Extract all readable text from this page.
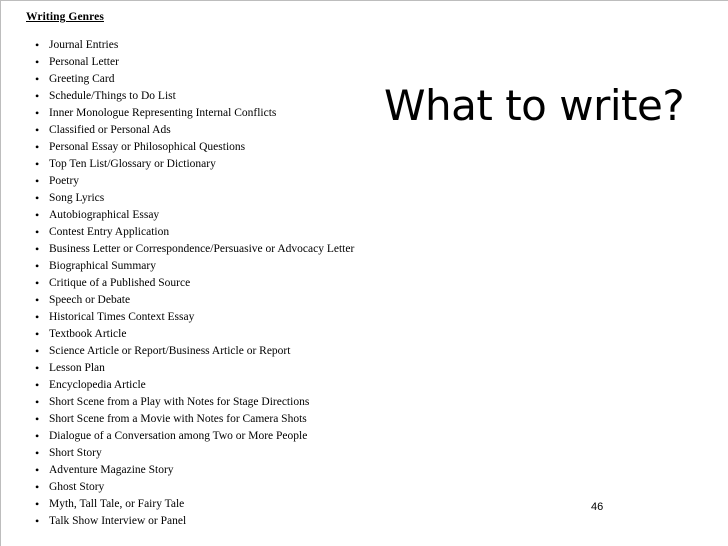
Writing Genres
• Journal Entries
• Personal Letter
• Greeting Card
• Schedule/Things to Do List
• Inner Monologue Representing Internal Conflicts
• Classified or Personal Ads
• Personal Essay or Philosophical Questions
• Top Ten List/Glossary or Dictionary
• Poetry
• Song Lyrics
• Autobiographical Essay
• Contest Entry Application
• Business Letter or Correspondence/Persuasive or Advocacy Letter
• Biographical Summary
• Critique of a Published Source
• Speech or Debate
• Historical Times Context Essay
• Textbook Article
• Science Article or Report/Business Article or Report
• Lesson Plan
• Encyclopedia Article
• Short Scene from a Play with Notes for Stage Directions
• Short Scene from a Movie with Notes for Camera Shots
• Dialogue of a Conversation among Two or More People
• Short Story
• Adventure Magazine Story
• Ghost Story
• Myth, Tall Tale, or Fairy Tale
• Talk Show Interview or Panel
What to write?
46
